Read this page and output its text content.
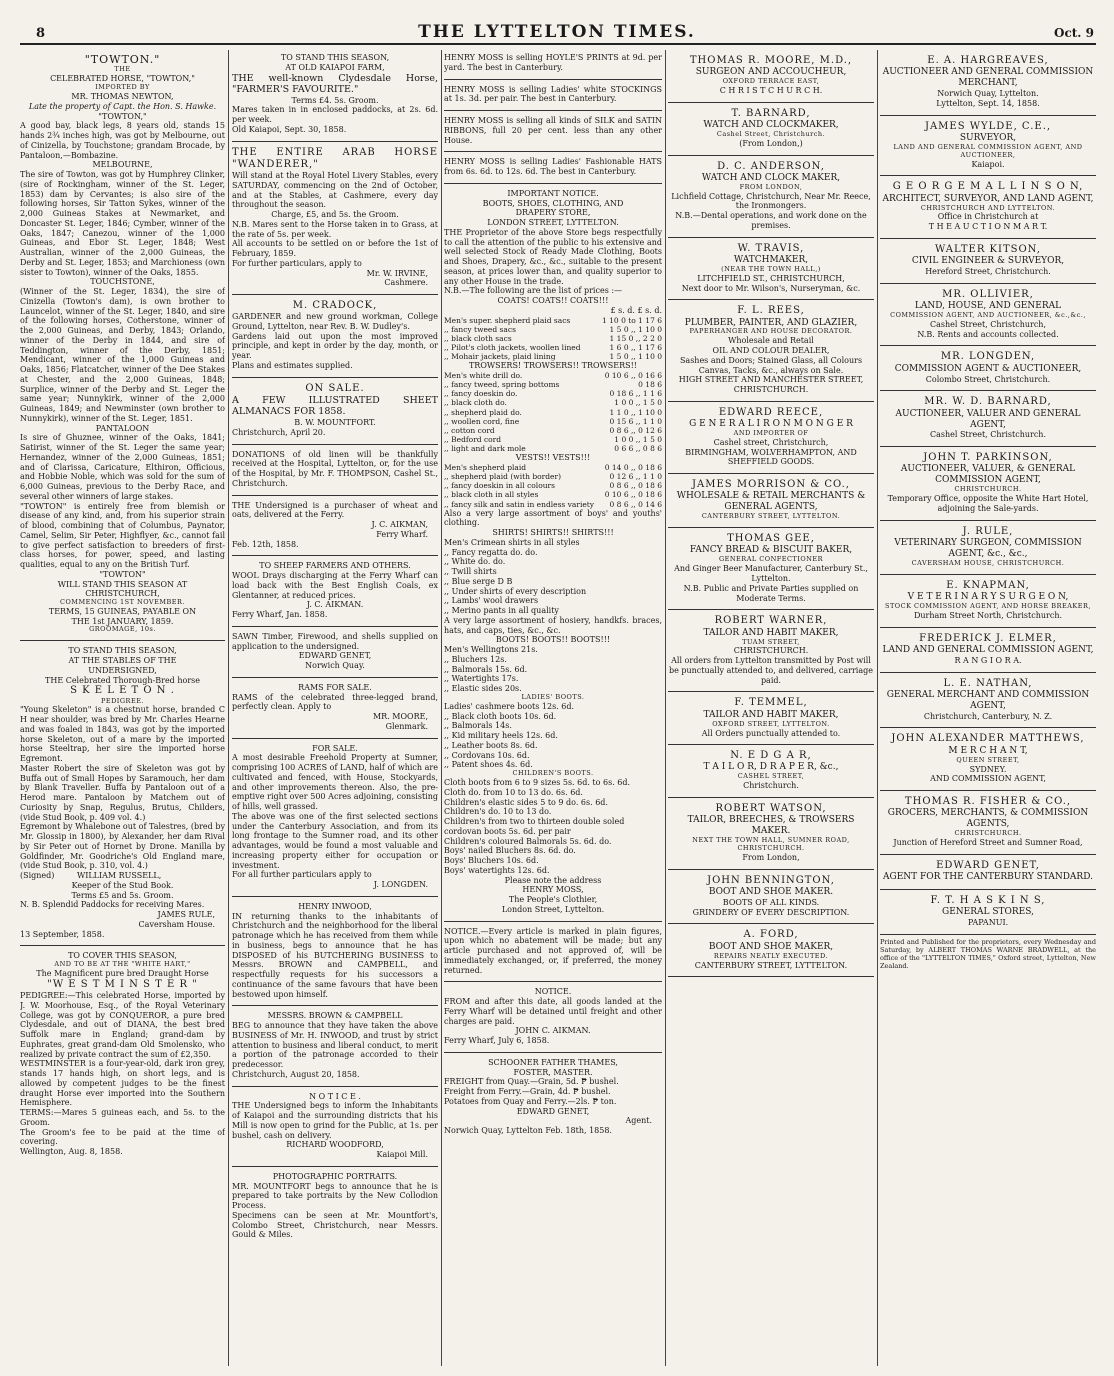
8	THE LYTTELTON TIMES.	Oct. 9
"TOWTON."
THE
CELEBRATED HORSE, "TOWTON,"
IMPORTED BY
MR. THOMAS NEWTON,
Late the property of Capt. the Hon. S. Hawke.
"TOWTON,"

A good bay, black legs, 8 years old, stands 15 hands 2¾ inches high, was got by Melbourne, out of Cinizella, by Touchstone; grandam Brocade, by Pantaloon,—Bombazine.

MELBOURNE,

The sire of Towton, was got by Humphrey Clinker, (sire of Rockingham, winner of the St. Leger, 1853) dam by Cervantes; is also sire of the following horses, Sir Tatton Sykes, winner of the 2,000 Guineas Stakes at Newmarket, and Doncaster St. Leger, 1846; Cymber, winner of the Oaks, 1847; Canezou, winner of the 1,000 Guineas, and Ebor St. Leger, 1848; West Australian, winner of the 2,000 Guineas, the Derby and St. Leger, 1853; and Marchioness (own sister to Towton), winner of the Oaks, 1855.

TOUCHSTONE,

(Winner of the St. Leger, 1834), the sire of Cinizella (Towton's dam), is own brother to Launcelot, winner of the St. Leger, 1840, and sire of the following horses, Cotherstone, winner of the 2,000 Guineas, and Derby, 1843; Orlando, winner of the Derby in 1844, and sire of Teddington, winner of the Derby, 1851; Mendicant, winner of the 1,000 Guineas and Oaks, 1856; Flatcatcher, winner of the Dee Stakes at Chester, and the 2,000 Guineas, 1848; Surplice, winner of the Derby and St. Leger the same year; Nunnykirk, winner of the 2,000 Guineas, 1849; and Newminster (own brother to Nunnykirk), winner of the St. Leger, 1851.

PANTALOON

Is sire of Ghuznee, winner of the Oaks, 1841; Satirist, winner of the St. Leger the same year; Hernandez, winner of the 2,000 Guineas, 1851; and of Clarissa, Caricature, Elthiron, Officious, and Hobbie Noble, which was sold for the sum of 6,000 Guineas, previous to the Derby Race, and several other winners of large stakes.

"TOWTON" is entirely free from blemish or disease of any kind, and, from his superior strain of blood, combining that of Columbus, Paynator, Camel, Selim, Sir Peter, Highflyer, &c., cannot fail to give perfect satisfaction to breeders of first-class horses, for power, speed, and lasting qualities, equal to any on the British Turf.

"TOWTON"
WILL STAND THIS SEASON AT
CHRISTCHURCH,
COMMENCING 1ST NOVEMBER.
TERMS, 15 GUINEAS, PAYABLE ON
THE 1st JANUARY, 1859.
GROOMAGE, 10s.
TO STAND THIS SEASON,
AT THE STABLES OF THE
UNDERSIGNED,
THE Celebrated Thorough-Bred horse
S K E L E T O N .
PEDIGREE.

"Young Skeleton" is a chestnut horse, branded C H near shoulder, was bred by Mr. Charles Hearne and was foaled in 1843, was got by the imported horse Skeleton, out of a mare by the imported horse Steeltrap, her sire the imported horse Egremont.

Master Robert the sire of Skeleton was got by Buffa out of Small Hopes by Saramouch, her dam by Blank Traveller. Buffa by Pantaloon out of a Herod mare. Pantaloon by Matchem out of Curiosity by Snap, Regulus, Brutus, Childers, (vide Stud Book, p. 409 vol. 4.)

Egremont by Whalebone out of Talestres, (bred by Mr. Glossip in 1800), by Alexander, her dam Rival by Sir Peter out of Hornet by Drone. Manilla by Goldfinder, Mr. Goodriche's Old England mare, (vide Stud Book, p. 310, vol. 4.)

(Signed)	WILLIAM RUSSELL,
Keeper of the Stud Book.
Terms £5 and 5s. Groom.
N. B. Splendid Paddocks for receiving Mares.
JAMES RULE,
Caversham House.
13 September, 1858.
TO COVER THIS SEASON,
AND TO BE AT THE "WHITE HART,"
The Magnificent pure bred Draught Horse
"W E S T M I N S T E R "

PEDIGREE:—This celebrated Horse, imported by J. W. Moorhouse, Esq., of the Royal Veterinary College, was got by CONQUEROR, a pure bred Clydesdale, and out of DIANA, the best bred Suffolk mare in England; grand-dam by Euphrates, great grand-dam Old Smolensko, who realized by private contract the sum of £2,350.

WESTMINSTER is a four-year-old, dark iron grey, stands 17 hands high, on short legs, and is allowed by competent judges to be the finest draught Horse ever imported into the Southern Hemisphere.

TERMS:—Mares 5 guineas each, and 5s. to the Groom.

The Groom's fee to be paid at the time of covering.

Wellington, Aug. 8, 1858.
TO STAND THIS SEASON,
AT OLD KAIAPOI FARM,

THE well-known Clydesdale Horse, "FARMER'S FAVOURITE."

Terms £4. 5s. Groom.

Mares taken in in enclosed paddocks, at 2s. 6d. per week.

Old Kaiapoi, Sept. 30, 1858.

THE ENTIRE ARAB HORSE "WANDERER,"

Will stand at the Royal Hotel Livery Stables, every SATURDAY, commencing on the 2nd of October, and at the Stables, at Cashmere, every day throughout the season.

Charge, £5, and 5s. the Groom.

N.B. Mares sent to the Horse taken in to Grass, at the rate of 5s. per week.

All accounts to be settled on or before the 1st of February, 1859.

For further particulars, apply to
Mr. W. IRVINE,
Cashmere.
M. CRADOCK,

GARDENER and new ground workman, College Ground, Lyttelton, near Rev. B. W. Dudley's.

Gardens laid out upon the most improved principle, and kept in order by the day, month, or year.

Plans and estimates supplied.

ON SALE.

A FEW ILLUSTRATED SHEET ALMANACS FOR 1858.

B. W. MOUNTFORT.
Christchurch, April 20.

DONATIONS of old linen will be thankfully received at the Hospital, Lyttelton, or, for the use of the Hospital, by Mr. F. THOMPSON, Cashel St., Christchurch.

THE Undersigned is a purchaser of wheat and oats, delivered at the Ferry.

J. C. AIKMAN,
Ferry Wharf.
Feb. 12th, 1858.
TO SHEEP FARMERS AND OTHERS.

WOOL Drays discharging at the Ferry Wharf can load back with the Best English Coals, ex Glentanner, at reduced prices.

J. C. AIKMAN.
Ferry Wharf, Jan. 1858.

SAWN Timber, Firewood, and shells supplied on application to the undersigned.

EDWARD GENET,
Norwich Quay.
RAMS FOR SALE.

RAMS of the celebrated three-legged brand, perfectly clean. Apply to

MR. MOORE,
Glenmark.
FOR SALE.

A most desirable Freehold Property at Sumner, comprising 100 ACRES of LAND, half of which are cultivated and fenced, with House, Stockyards, and other improvements thereon. Also, the pre-emptive right over 500 Acres adjoining, consisting of hills, well grassed.

The above was one of the first selected sections under the Canterbury Association, and from its long frontage to the Sumner road, and its other advantages, would be found a most valuable and increasing property either for occupation or investment.

For all further particulars apply to
J. LONGDEN.
HENRY INWOOD,

IN returning thanks to the inhabitants of Christchurch and the neighborhood for the liberal patronage which he has received from them while in business, begs to announce that he has DISPOSED of his BUTCHERING BUSINESS to Messrs. BROWN and CAMPBELL, and respectfully requests for his successors a continuance of the same favours that have been bestowed upon himself.

MESSRS. BROWN & CAMPBELL

BEG to announce that they have taken the above BUSINESS of Mr. H. INWOOD, and trust by strict attention to business and liberal conduct, to merit a portion of the patronage accorded to their predecessor.

Christchurch, August 20, 1858.
N O T I C E .

THE Undersigned begs to inform the Inhabitants of Kaiapoi and the surrounding districts that his Mill is now open to grind for the Public, at 1s. per bushel, cash on delivery.

RICHARD WOODFORD,
Kaiapoi Mill.
PHOTOGRAPHIC PORTRAITS.

MR. MOUNTFORT begs to announce that he is prepared to take portraits by the New Collodion Process.

Specimens can be seen at Mr. Mountfort's, Colombo Street, Christchurch, near Messrs. Gould & Miles.

HENRY MOSS is selling HOYLE'S PRINTS at 9d. per yard. The best in Canterbury.

HENRY MOSS is selling Ladies' white STOCKINGS at 1s. 3d. per pair. The best in Canterbury.

HENRY MOSS is selling all kinds of SILK and SATIN RIBBONS, full 20 per cent. less than any other House.

HENRY MOSS is selling Ladies' Fashionable HATS from 6s. 6d. to 12s. 6d. The best in Canterbury.

IMPORTANT NOTICE.
BOOTS, SHOES, CLOTHING, AND
DRAPERY STORE,
LONDON STREET, LYTTELTON.

THE Proprietor of the above Store begs respectfully to call the attention of the public to his extensive and well selected Stock of Ready Made Clothing, Boots and Shoes, Drapery, &c., &c., suitable to the present season, at prices lower than, and quality superior to any other House in the trade.

N.B.—The following are the list of prices :—
COATS! COATS!! COATS!!!
£ s. d. £ s. d.
Men's super. shepherd plaid sacs	1 10 0 to 1 17 6
,, fancy tweed sacs	1 5 0 ,, 1 10 0
,, black cloth sacs	1 15 0 ,, 2 2 0
,, Pilot's cloth jackets, woollen lined	1 6 0 ,, 1 17 6
,, Mohair jackets, plaid lining	1 5 0 ,, 1 10 0
TROWSERS! TROWSERS!! TROWSERS!!
Men's white drill do.	0 10 6 ,, 0 16 6
,, fancy tweed, spring bottoms	0 18 6
,, fancy doeskin do.	0 18 6 ,, 1 1 6
,, black cloth do.	1 0 0 ,, 1 5 0
,, shepherd plaid do.	1 1 0 ,, 1 10 0
,, woollen cord, fine	0 15 6 ,, 1 1 0
,, cotton cord	0 8 6 ,, 0 12 6
,, Bedford cord	1 0 0 ,, 1 5 0
,, light and dark mole	0 6 6 ,, 0 8 6
VESTS!! VESTS!!!
Men's shepherd plaid	0 14 0 ,, 0 18 6
,, shepherd plaid (with border)	0 12 6 ,, 1 1 0
,, fancy doeskin in all colours	0 8 6 ,, 0 18 6
,, black cloth in all styles	0 10 6 ,, 0 18 6
,, fancy silk and satin in endless variety	0 8 6 ,, 0 14 6

Also a very large assortment of boys' and youths' clothing.

SHIRTS! SHIRTS!! SHIRTS!!!
Men's Crimean shirts in all styles
,, Fancy regatta do. do.
,, White do. do.
,, Twill shirts
,, Blue serge D B
,, Under shirts of every description
,, Lambs' wool drawers
,, Merino pants in all quality

A very large assortment of hosiery, handkfs. braces, hats, and caps, ties, &c., &c.

BOOTS! BOOTS!! BOOTS!!!
Men's Wellingtons 21s.
,, Bluchers 12s.
,, Balmorals 15s. 6d.
,, Watertights 17s.
,, Elastic sides 20s.
LADIES' BOOTS.
Ladies' cashmere boots 12s. 6d.
,, Black cloth boots 10s. 6d.
,, Balmorals 14s.
,, Kid military heels 12s. 6d.
,, Leather boots 8s. 6d.
,, Cordovans 10s. 6d.
,, Patent shoes 4s. 6d.
CHILDREN'S BOOTS.
Cloth boots from 6 to 9 sizes 5s. 6d. to 6s. 6d.
Cloth do. from 10 to 13 do. 6s. 6d.
Children's elastic sides 5 to 9 do. 6s. 6d.
Children's do. 10 to 13 do.
Children's from two to thirteen double soled cordovan boots 5s. 6d. per pair
Children's coloured Balmorals 5s. 6d. do.
Boys' nailed Bluchers 8s. 6d. do.
Boys' Bluchers 10s. 6d.
Boys' watertights 12s. 6d.
Please note the address
HENRY MOSS,
The People's Clothier,
London Street, Lyttelton.

NOTICE.—Every article is marked in plain figures, upon which no abatement will be made; but any article purchased and not approved of, will be immediately exchanged, or, if preferred, the money returned.

NOTICE.

FROM and after this date, all goods landed at the Ferry Wharf will be detained until freight and other charges are paid.

JOHN C. AIKMAN.
Ferry Wharf, July 6, 1858.
SCHOONER FATHER THAMES,
FOSTER, MASTER.

FREIGHT from Quay.—Grain, 5d. ₱ bushel.

Freight from Ferry.—Grain, 4d. ₱ bushel.
Potatoes from Quay and Ferry.—2ls. ₱ ton.
EDWARD GENET,
Agent.
Norwich Quay, Lyttelton Feb. 18th, 1858.
THOMAS R. MOORE, M.D.,
SURGEON AND ACCOUCHEUR,
OXFORD TERRACE EAST,
C H R I S T C H U R C H.
T. BARNARD,
WATCH AND CLOCKMAKER,
Cashel Street, Christchurch.
(From London,)
D. C. ANDERSON,
WATCH AND CLOCK MAKER,
FROM LONDON,
Lichfield Cottage, Christchurch, Near Mr. Reece, the Ironmongers.
N.B.—Dental operations, and work done on the premises.
W. TRAVIS,
WATCHMAKER,
(NEAR THE TOWN HALL,)
LITCHFIELD ST., CHRISTCHURCH,
Next door to Mr. Wilson's, Nurseryman, &c.
F. L. REES,
PLUMBER, PAINTER, AND GLAZIER,
PAPERHANGER AND HOUSE DECORATOR.
Wholesale and Retail
OIL AND COLOUR DEALER,
Sashes and Doors; Stained Glass, all Colours Canvas, Tacks, &c., always on Sale.
HIGH STREET AND MANCHESTER STREET, CHRISTCHURCH.
EDWARD REECE,
G E N E R A L I R O N M O N G E R
AND IMPORTER OF
Cashel street, Christchurch,
BIRMINGHAM, WOLVERHAMPTON, AND SHEFFIELD GOODS.
JAMES MORRISON & CO.,
WHOLESALE & RETAIL MERCHANTS & GENERAL AGENTS,
CANTERBURY STREET, LYTTELTON.
THOMAS GEE,
FANCY BREAD & BISCUIT BAKER,
GENERAL CONFECTIONER
And Ginger Beer Manufacturer, Canterbury St., Lyttelton.
N.B. Public and Private Parties supplied on Moderate Terms.
ROBERT WARNER,
TAILOR AND HABIT MAKER,
TUAM STREET,
CHRISTCHURCH.
All orders from Lyttelton transmitted by Post will be punctually attended to, and delivered, carriage paid.
F. TEMMEL,
TAILOR AND HABIT MAKER,
OXFORD STREET, LYTTELTON.
All Orders punctually attended to.
N. E D G A R,
T A I L O R, D R A P E R, &c.,
CASHEL STREET,
Christchurch.
ROBERT WATSON,
TAILOR, BREECHES, & TROWSERS MAKER.
NEXT THE TOWN HALL, SUMNER ROAD, CHRISTCHURCH.
From London,
JOHN BENNINGTON,
BOOT AND SHOE MAKER.
BOOTS OF ALL KINDS.
GRINDERY OF EVERY DESCRIPTION.
A. FORD,
BOOT AND SHOE MAKER,
REPAIRS NEATLY EXECUTED.
CANTERBURY STREET, LYTTELTON.
E. A. HARGREAVES,
AUCTIONEER AND GENERAL COMMISSION MERCHANT,
Norwich Quay, Lyttelton.
Lyttelton, Sept. 14, 1858.
JAMES WYLDE, C.E.,
SURVEYOR,
LAND AND GENERAL COMMISSION AGENT, AND AUCTIONEER,
Kaiapoi.
G E O R G E M A L L I N S O N,
ARCHITECT, SURVEYOR, AND LAND AGENT,
CHRISTCHURCH AND LYTTELTON.
Office in Christchurch at
T H E A U C T I O N M A R T.
WALTER KITSON,
CIVIL ENGINEER & SURVEYOR,
Hereford Street, Christchurch.
MR. OLLIVIER,
LAND, HOUSE, AND GENERAL
COMMISSION AGENT, AND AUCTIONEER, &c.,&c.,
Cashel Street, Christchurch,
N.B. Rents and accounts collected.
MR. LONGDEN,
COMMISSION AGENT & AUCTIONEER,
Colombo Street, Christchurch.
MR. W. D. BARNARD,
AUCTIONEER, VALUER AND GENERAL AGENT,
Cashel Street, Christchurch.
JOHN T. PARKINSON,
AUCTIONEER, VALUER, & GENERAL COMMISSION AGENT,
CHRISTCHURCH.
Temporary Office, opposite the White Hart Hotel, adjoining the Sale-yards.
J. RULE,
VETERINARY SURGEON, COMMISSION AGENT, &c., &c.,
CAVERSHAM HOUSE, CHRISTCHURCH.
E. KNAPMAN,
V E T E R I N A R Y S U R G E O N,
STOCK COMMISSION AGENT, AND HORSE BREAKER,
Durham Street North, Christchurch.
FREDERICK J. ELMER,
LAND AND GENERAL COMMISSION AGENT,
R A N G I O R A.
L. E. NATHAN,
GENERAL MERCHANT AND COMMISSION AGENT,
Christchurch, Canterbury, N. Z.
JOHN ALEXANDER MATTHEWS,
M E R C H A N T,
QUEEN STREET,
SYDNEY.
AND COMMISSION AGENT,
THOMAS R. FISHER & CO.,
GROCERS, MERCHANTS, & COMMISSION AGENTS,
CHRISTCHURCH.
Junction of Hereford Street and Sumner Road,
EDWARD GENET,
AGENT FOR THE CANTERBURY STANDARD.
F. T. H A S K I N S,
GENERAL STORES,
PAPANUI.
Printed and Published for the proprietors, every Wednesday and Saturday, by ALBERT THOMAS WARNE BRADWELL, at the office of the "LYTTELTON TIMES," Oxford street, Lyttelton, New Zealand.
